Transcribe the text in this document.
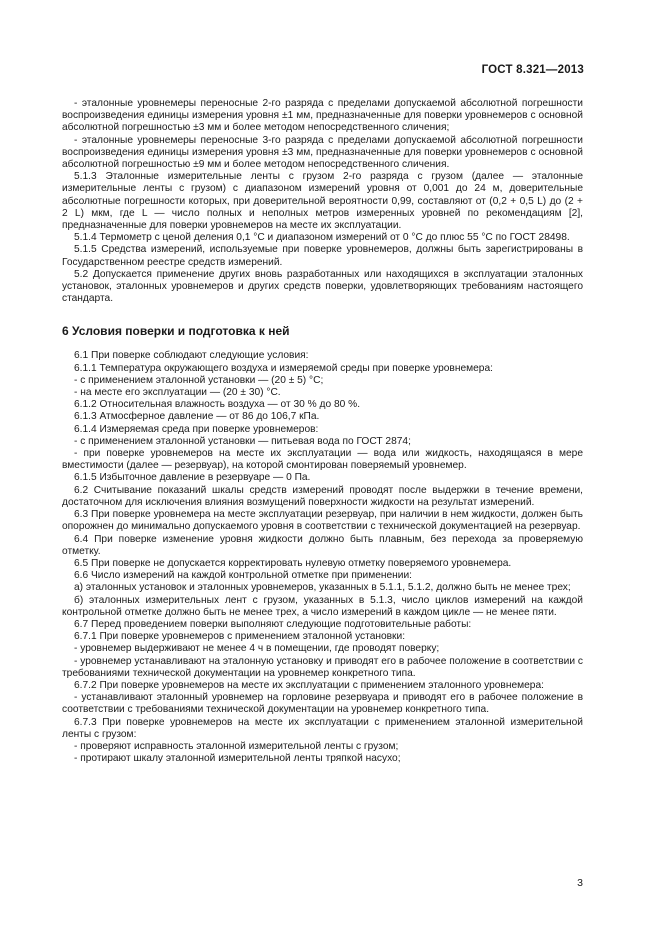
ГОСТ 8.321—2013

- эталонные уровнемеры переносные 2-го разряда с пределами допускаемой абсолютной погрешности воспроизведения единицы измерения уровня ±1 мм, предназначенные для поверки уровнемеров с основной абсолютной погрешностью ±3 мм и более методом непосредственного сличения;

- эталонные уровнемеры переносные 3-го разряда с пределами допускаемой абсолютной погрешности воспроизведения единицы измерения уровня ±3 мм, предназначенные для поверки уровнемеров с основной абсолютной погрешностью ±9 мм и более методом непосредственного сличения.

5.1.3 Эталонные измерительные ленты с грузом 2-го разряда с грузом (далее — эталонные измерительные ленты с грузом) с диапазоном измерений уровня от 0,001 до 24 м, доверительные абсолютные погрешности которых, при доверительной вероятности 0,99, составляют от (0,2 + 0,5 L) до (2 + 2 L) мкм, где L — число полных и неполных метров измеренных уровней по рекомендациям [2], предназначенные для поверки уровнемеров на месте их эксплуатации.

5.1.4 Термометр с ценой деления 0,1 °С и диапазоном измерений от 0 °С до плюс 55 °С по ГОСТ 28498.

5.1.5 Средства измерений, используемые при поверке уровнемеров, должны быть зарегистрированы в Государственном реестре средств измерений.

5.2 Допускается применение других вновь разработанных или находящихся в эксплуатации эталонных установок, эталонных уровнемеров и других средств поверки, удовлетворяющих требованиям настоящего стандарта.

6 Условия поверки и подготовка к ней

6.1 При поверке соблюдают следующие условия:

6.1.1 Температура окружающего воздуха и измеряемой среды при поверке уровнемера:

- с применением эталонной установки — (20 ± 5) °С;

- на месте его эксплуатации — (20 ± 30) °С.

6.1.2 Относительная влажность воздуха — от 30 % до 80 %.

6.1.3 Атмосферное давление — от 86 до 106,7 кПа.

6.1.4 Измеряемая среда при поверке уровнемеров:

- с применением эталонной установки — питьевая вода по ГОСТ 2874;

- при поверке уровнемеров на месте их эксплуатации — вода или жидкость, находящаяся в мере вместимости (далее — резервуар), на которой смонтирован поверяемый уровнемер.

6.1.5 Избыточное давление в резервуаре — 0 Па.

6.2 Считывание показаний шкалы средств измерений проводят после выдержки в течение времени, достаточном для исключения влияния возмущений поверхности жидкости на результат измерений.

6.3 При поверке уровнемера на месте эксплуатации резервуар, при наличии в нем жидкости, должен быть опорожнен до минимально допускаемого уровня в соответствии с технической документацией на резервуар.

6.4 При поверке изменение уровня жидкости должно быть плавным, без перехода за проверяемую отметку.

6.5 При поверке не допускается корректировать нулевую отметку поверяемого уровнемера.

6.6 Число измерений на каждой контрольной отметке при применении:

а) эталонных установок и эталонных уровнемеров, указанных в 5.1.1, 5.1.2, должно быть не менее трех;

б) эталонных измерительных лент с грузом, указанных в 5.1.3, число циклов измерений на каждой контрольной отметке должно быть не менее трех, а число измерений в каждом цикле — не менее пяти.

6.7 Перед проведением поверки выполняют следующие подготовительные работы:

6.7.1 При поверке уровнемеров с применением эталонной установки:

- уровнемер выдерживают не менее 4 ч в помещении, где проводят поверку;

- уровнемер устанавливают на эталонную установку и приводят его в рабочее положение в соответствии с требованиями технической документации на уровнемер конкретного типа.

6.7.2 При поверке уровнемеров на месте их эксплуатации с применением эталонного уровнемера:

- устанавливают эталонный уровнемер на горловине резервуара и приводят его в рабочее положение в соответствии с требованиями технической документации на уровнемер конкретного типа.

6.7.3 При поверке уровнемеров на месте их эксплуатации с применением эталонной измерительной ленты с грузом:

- проверяют исправность эталонной измерительной ленты с грузом;

- протирают шкалу эталонной измерительной ленты тряпкой насухо;

3
